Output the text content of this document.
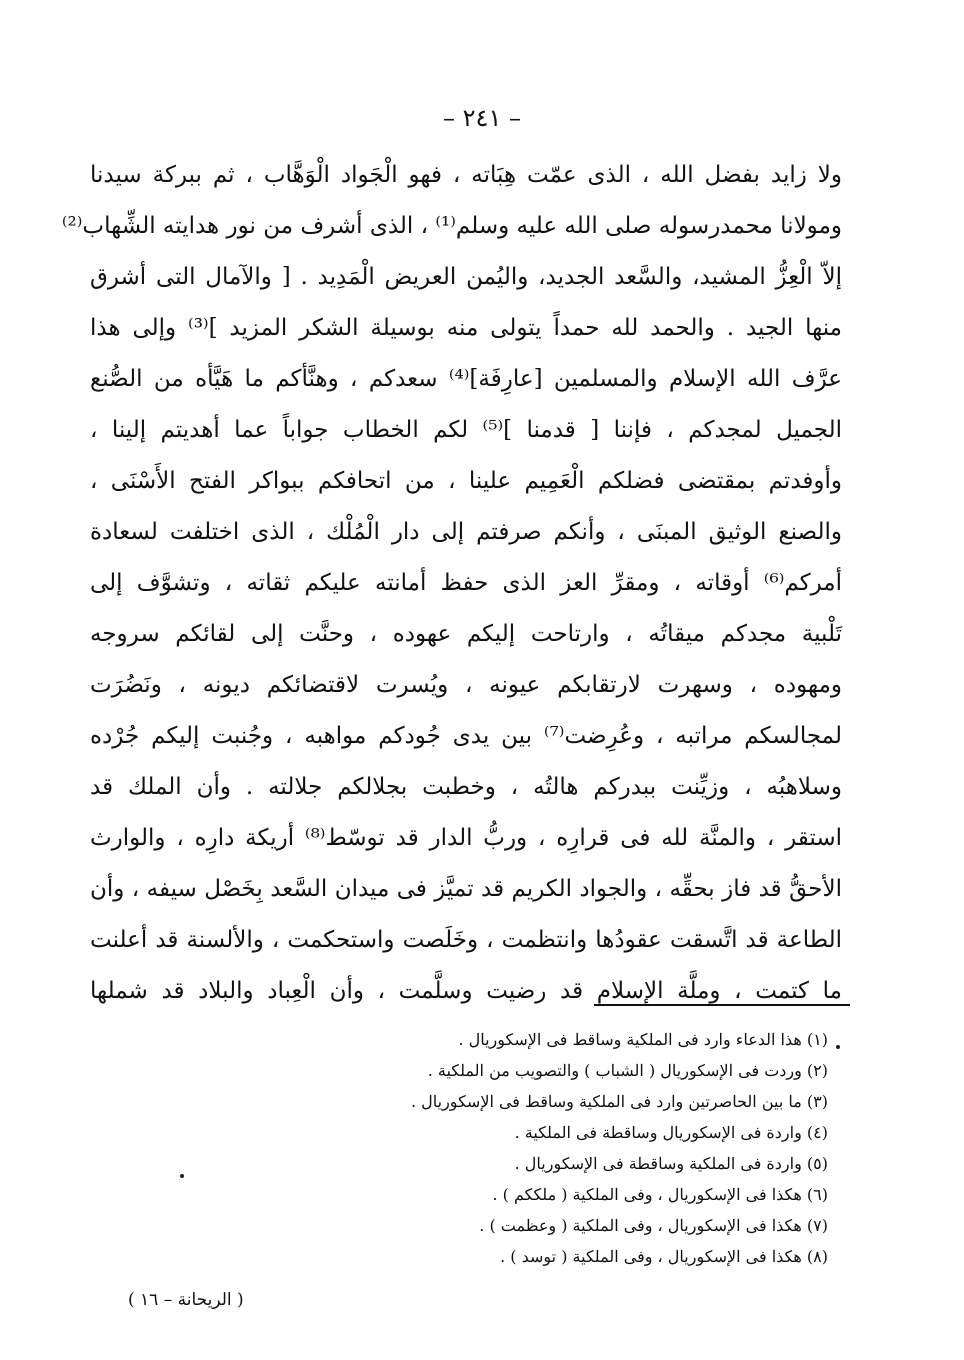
– ٢٤١ –
ولا زايد بفضل الله ، الذى عمّت هِبَاته ، فهو الْجَواد الْوَهَّاب ، ثم ببركة سيدنا
ومولانا محمدرسوله صلى الله عليه وسلم⁽¹⁾ ، الذى أشرف من نور هدايته الشِّهاب⁽²⁾
إلاّ الْعِزُّ المشيد، والسَّعد الجديد، واليُمن العريض الْمَدِيد . [ والآمال التى أشرق
منها الجيد . والحمد لله حمداً يتولى منه بوسيلة الشكر المزيد ]⁽³⁾ وإلى هذا
عرَّف الله الإسلام والمسلمين [عارِفَة]⁽⁴⁾ سعدكم ، وهنَّأكم ما هَيَّأه من الصُّنع
الجميل لمجدكم ، فإننا [ قدمنا ]⁽⁵⁾ لكم الخطاب جواباً عما أهديتم إلينا ،
وأوفدتم بمقتضى فضلكم الْعَمِيم علينا ، من اتحافكم ببواكر الفتح الأَسْنَى ،
والصنع الوثيق المبنَى ، وأنكم صرفتم إلى دار الْمُلْك ، الذى اختلفت لسعادة
أمركم⁽⁶⁾ أوقاته ، ومقرِّ العز الذى حفظ أمانته عليكم ثقاته ، وتشوَّف إلى
تَلْبية مجدكم ميقاتُه ، وارتاحت إليكم عهوده ، وحنَّت إلى لقائكم سروجه
ومهوده ، وسهرت لارتقابكم عيونه ، ويُسرت لاقتضائكم ديونه ، ونَضُرَت
لمجالسكم مراتبه ، وعُرِضت⁽⁷⁾ بين يدى جُودكم مواهبه ، وجُنبت إليكم جُرْده
وسلاهبُه ، وزيِّنت ببدركم هالتُه ، وخطبت بجلالكم جلالته . وأن الملك قد
استقر ، والمنَّة لله فى قرارِه ، وربُّ الدار قد توسّط⁽⁸⁾ أريكة دارِه ، والوارث
الأحقُّ قد فاز بحقِّه ، والجواد الكريم قد تميَّز فى ميدان السَّعد بِخَصْل سيفه ، وأن
الطاعة قد اتَّسقت عقودُها وانتظمت ، وخَلَصت واستحكمت ، والألسنة قد أعلنت
ما كتمت ، وملَّة الإسلام قد رضيت وسلَّمت ، وأن الْعِباد والبلاد قد شملها
(١) هذا الدعاء وارد فى الملكية وساقط فى الإسكوريال .
(٢) وردت فى الإسكوريال ( الشباب ) والتصويب من الملكية .
(٣) ما بين الحاصرتين وارد فى الملكية وساقط فى الإسكوريال .
(٤) واردة فى الإسكوريال وساقطة فى الملكية .
(٥) واردة فى الملكية وساقطة فى الإسكوريال .
(٦) هكذا فى الإسكوريال ، وفى الملكية ( ملككم ) .
(٧) هكذا فى الإسكوريال ، وفى الملكية ( وعظمت ) .
(٨) هكذا فى الإسكوريال ، وفى الملكية ( توسد ) .
( الريحانة – ١٦ )
